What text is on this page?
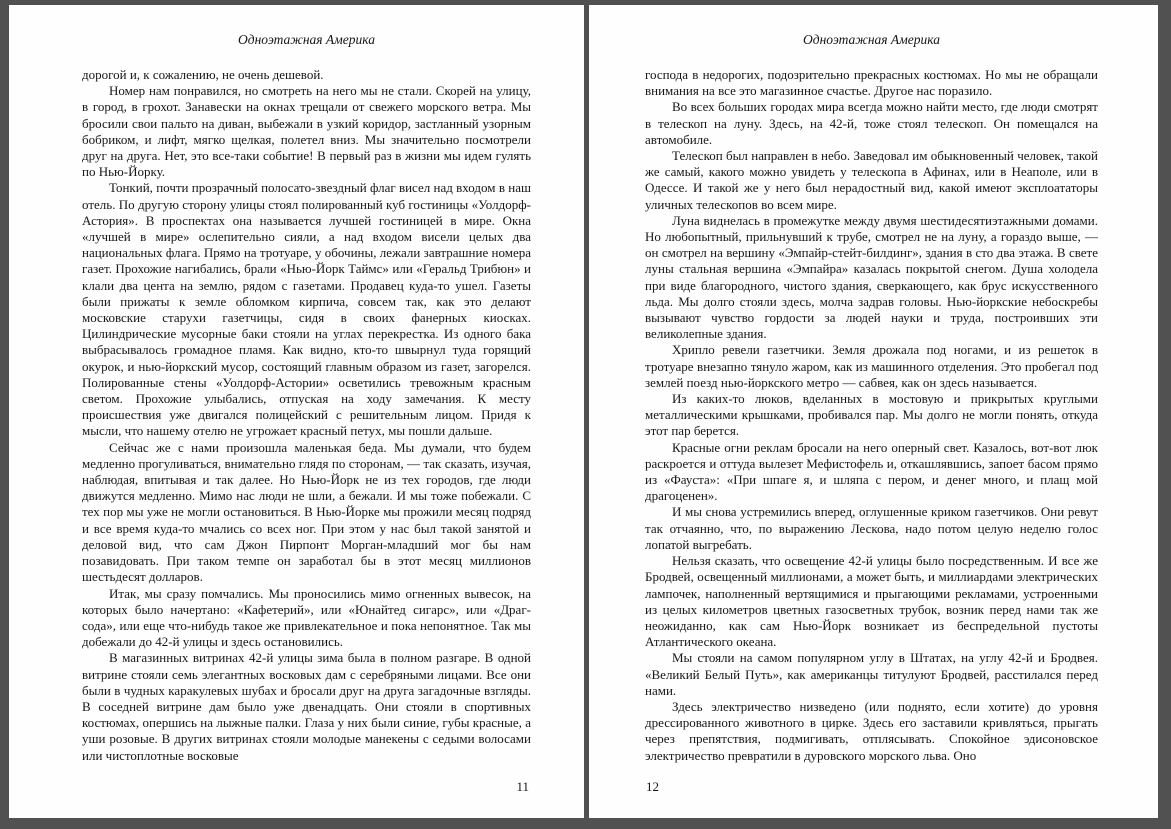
Одноэтажная Америка

дорогой и, к сожалению, не очень дешевой.

Номер нам понравился, но смотреть на него мы не стали. Скорей на улицу, в город, в грохот. Занавески на окнах трещали от свежего морского ветра. Мы бросили свои пальто на диван, выбежали в узкий коридор, застланный узорным бобриком, и лифт, мягко щелкая, полетел вниз. Мы значительно посмотрели друг на друга. Нет, это все-таки событие! В первый раз в жизни мы идем гулять по Нью-Йорку.

Тонкий, почти прозрачный полосато-звездный флаг висел над входом в наш отель. По другую сторону улицы стоял полированный куб гостиницы «Уолдорф-Астория». В проспектах она называется лучшей гостиницей в мире. Окна «лучшей в мире» ослепительно сияли, а над входом висели целых два национальных флага. Прямо на тротуаре, у обочины, лежали завтрашние номера газет. Прохожие нагибались, брали «Нью-Йорк Таймс» или «Геральд Трибюн» и клали два цента на землю, рядом с газетами. Продавец куда-то ушел. Газеты были прижаты к земле обломком кирпича, совсем так, как это делают московские старухи газетчицы, сидя в своих фанерных киосках. Цилиндрические мусорные баки стояли на углах перекрестка. Из одного бака выбрасывалось громадное пламя. Как видно, кто-то швырнул туда горящий окурок, и нью-йоркский мусор, состоящий главным образом из газет, загорелся. Полированные стены «Уолдорф-Астории» осветились тревожным красным светом. Прохожие улыбались, отпуская на ходу замечания. К месту происшествия уже двигался полицейский с решительным лицом. Придя к мысли, что нашему отелю не угрожает красный петух, мы пошли дальше.

Сейчас же с нами произошла маленькая беда. Мы думали, что будем медленно прогуливаться, внимательно глядя по сторонам, — так сказать, изучая, наблюдая, впитывая и так далее. Но Нью-Йорк не из тех городов, где люди движутся медленно. Мимо нас люди не шли, а бежали. И мы тоже побежали. С тех пор мы уже не могли остановиться. В Нью-Йорке мы прожили месяц подряд и все время куда-то мчались со всех ног. При этом у нас был такой занятой и деловой вид, что сам Джон Пирпонт Морган-младший мог бы нам позавидовать. При таком темпе он заработал бы в этот месяц миллионов шестьдесят долларов.

Итак, мы сразу помчались. Мы проносились мимо огненных вывесок, на которых было начертано: «Кафетерий», или «Юнайтед сигарс», или «Драг-сода», или еще что-нибудь такое же привлекательное и пока непонятное. Так мы добежали до 42-й улицы и здесь остановились.

В магазинных витринах 42-й улицы зима была в полном разгаре. В одной витрине стояли семь элегантных восковых дам с серебряными лицами. Все они были в чудных каракулевых шубах и бросали друг на друга загадочные взгляды. В соседней витрине дам было уже двенадцать. Они стояли в спортивных костюмах, опершись на лыжные палки. Глаза у них были синие, губы красные, а уши розовые. В других витринах стояли молодые манекены с седыми волосами или чистоплотные восковые

11
Одноэтажная Америка

господа в недорогих, подозрительно прекрасных костюмах. Но мы не обращали внимания на все это магазинное счастье. Другое нас поразило.

Во всех больших городах мира всегда можно найти место, где люди смотрят в телескоп на луну. Здесь, на 42-й, тоже стоял телескоп. Он помещался на автомобиле.

Телескоп был направлен в небо. Заведовал им обыкновенный человек, такой же самый, какого можно увидеть у телескопа в Афинах, или в Неаполе, или в Одессе. И такой же у него был нерадостный вид, какой имеют эксплоататоры уличных телескопов во всем мире.

Луна виднелась в промежутке между двумя шестидесятиэтажными домами. Но любопытный, прильнувший к трубе, смотрел не на луну, а гораздо выше, — он смотрел на вершину «Эмпайр-стейт-билдинг», здания в сто два этажа. В свете луны стальная вершина «Эмпайра» казалась покрытой снегом. Душа холодела при виде благородного, чистого здания, сверкающего, как брус искусственного льда. Мы долго стояли здесь, молча задрав головы. Нью-йоркские небоскребы вызывают чувство гордости за людей науки и труда, построивших эти великолепные здания.

Хрипло ревели газетчики. Земля дрожала под ногами, и из решеток в тротуаре внезапно тянуло жаром, как из машинного отделения. Это пробегал под землей поезд нью-йоркского метро — сабвея, как он здесь называется.

Из каких-то люков, вделанных в мостовую и прикрытых круглыми металлическими крышками, пробивался пар. Мы долго не могли понять, откуда этот пар берется.

Красные огни реклам бросали на него оперный свет. Казалось, вот-вот люк раскроется и оттуда вылезет Мефистофель и, откашлявшись, запоет басом прямо из «Фауста»: «При шпаге я, и шляпа с пером, и денег много, и плащ мой драгоценен».

И мы снова устремились вперед, оглушенные криком газетчиков. Они ревут так отчаянно, что, по выражению Лескова, надо потом целую неделю голос лопатой выгребать.

Нельзя сказать, что освещение 42-й улицы было посредственным. И все же Бродвей, освещенный миллионами, а может быть, и миллиардами электрических лампочек, наполненный вертящимися и прыгающими рекламами, устроенными из целых километров цветных газосветных трубок, возник перед нами так же неожиданно, как сам Нью-Йорк возникает из беспредельной пустоты Атлантического океана.

Мы стояли на самом популярном углу в Штатах, на углу 42-й и Бродвея. «Великий Белый Путь», как американцы титулуют Бродвей, расстилался перед нами.

Здесь электричество низведено (или поднято, если хотите) до уровня дрессированного животного в цирке. Здесь его заставили кривляться, прыгать через препятствия, подмигивать, отплясывать. Спокойное эдисоновское электричество превратили в дуровского морского льва. Оно

12
